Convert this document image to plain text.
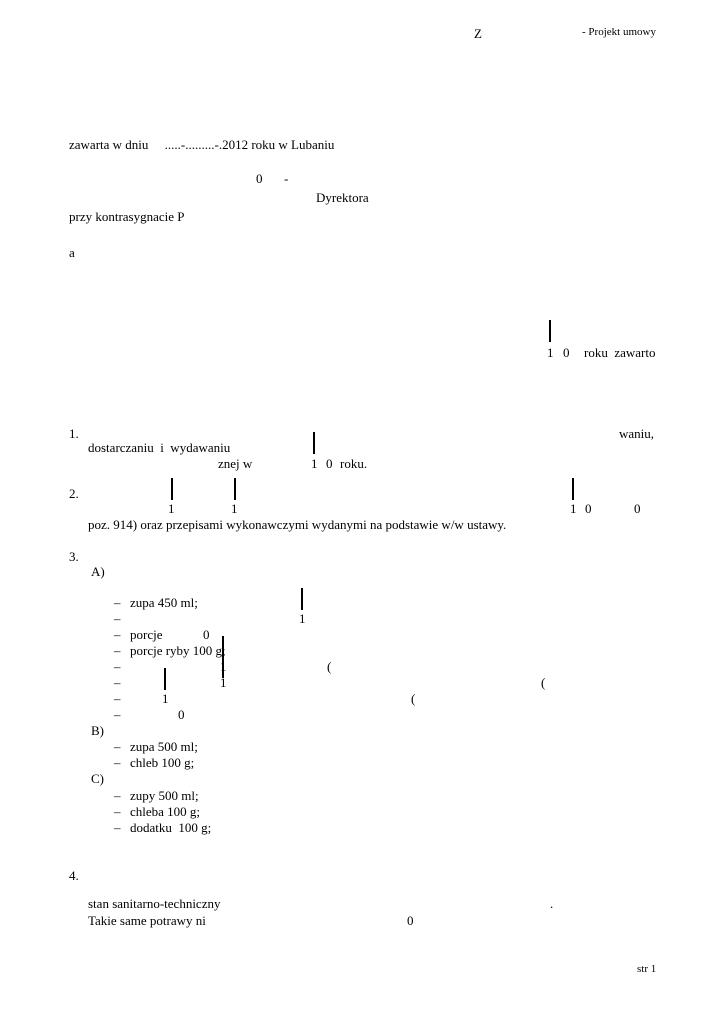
Z	- Projekt umowy
zawarta w dniu     .....-.........-.2012 roku w Lubaniu
0 -
Dyrektora
przy kontrasygnacie P
a
1 0 roku  zawarto
1.	waniu,
dostarczaniu  i  wydawaniu
znej w	1 0 roku.
2.
1	1	1 0	0
poz. 914) oraz przepisami wykonawczymi wydanymi na podstawie w/w ustawy.
3.
A)
– zupa 450 ml;
–	1
– porcje	0
– porcje ryby 100 g;
–	1	(
–	1	(
–	1	(
–	0
B)
– zupa 500 ml;
– chleb 100 g;
C)
– zupy 500 ml;
– chleba 100 g;
– dodatku  100 g;
4.
stan sanitarno-techniczny	.
Takie same potrawy ni	0
str 1
